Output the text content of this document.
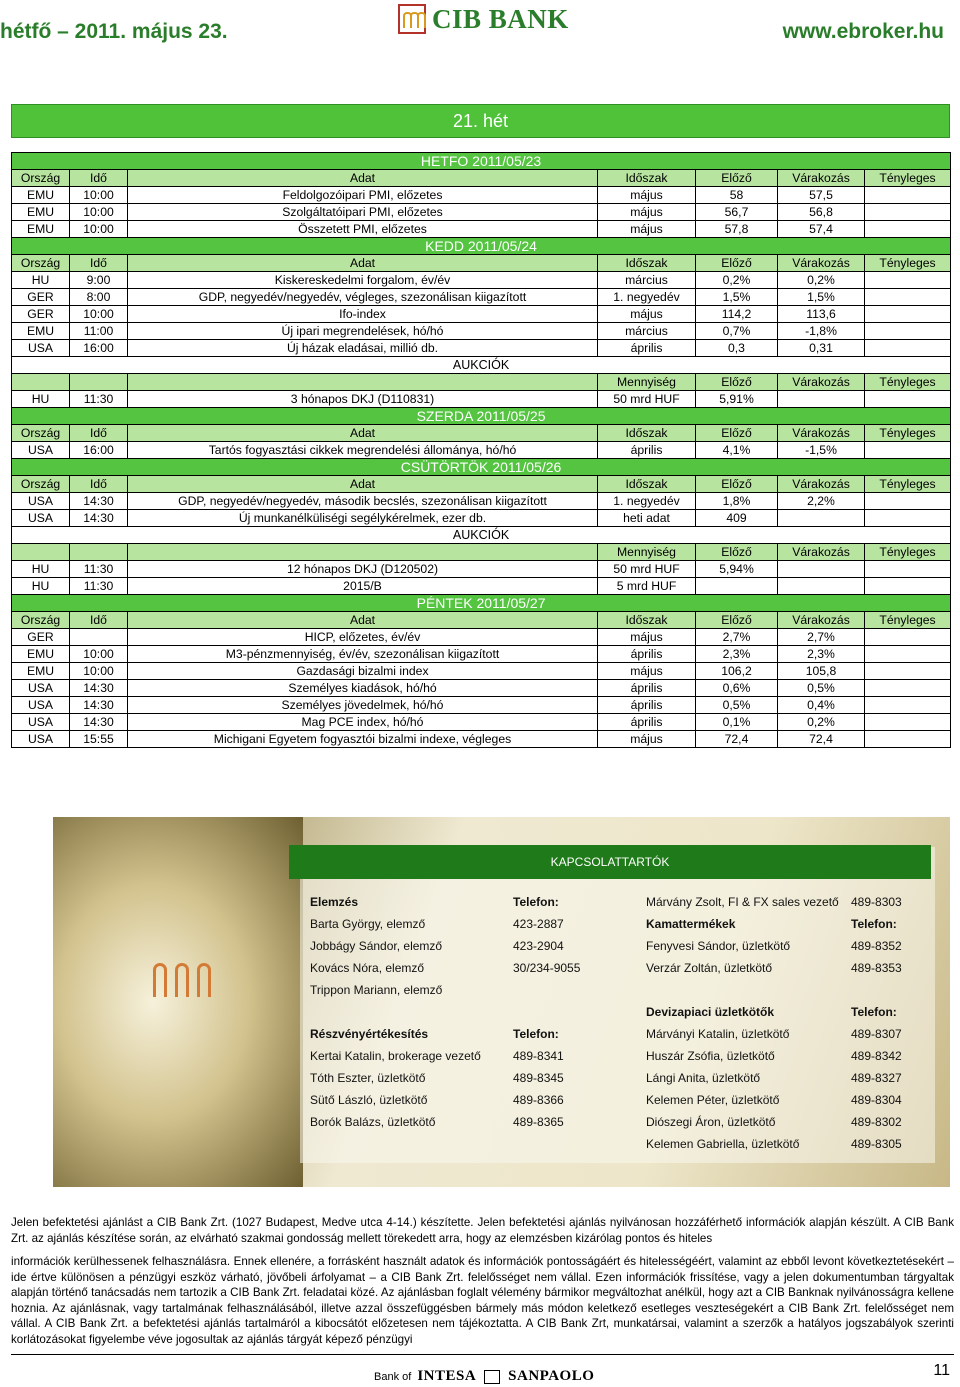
hétfő – 2011. május 23.	CIB BANK	www.ebroker.hu
21. hét
HETFO 2011/05/23						
Ország	Idő	Adat	Időszak	Előző	Várakozás	Tényleges
EMU	10:00	Feldolgozóipari PMI, előzetes	május	58	57,5	
EMU	10:00	Szolgáltatóipari PMI, előzetes	május	56,7	56,8	
EMU	10:00	Összetett PMI, előzetes	május	57,8	57,4	
KEDD 2011/05/24						
Ország	Idő	Adat	Időszak	Előző	Várakozás	Tényleges
HU	9:00	Kiskereskedelmi forgalom, év/év	március	0,2%	0,2%	
GER	8:00	GDP, negyedév/negyedév, végleges, szezonálisan kiigazított	1. negyedév	1,5%	1,5%	
GER	10:00	Ifo-index	május	114,2	113,6	
EMU	11:00	Új ipari megrendelések, hó/hó	március	0,7%	-1,8%	
USA	16:00	Új házak eladásai, millió db.	április	0,3	0,31	
AUKCIÓK						
			Mennyiség	Előző	Várakozás	Tényleges
HU	11:30	3 hónapos DKJ (D110831)	50 mrd HUF	5,91%		
SZERDA 2011/05/25						
Ország	Idő	Adat	Időszak	Előző	Várakozás	Tényleges
USA	16:00	Tartós fogyasztási cikkek megrendelési állománya, hó/hó	április	4,1%	-1,5%	
CSÜTÖRTÖK 2011/05/26						
Ország	Idő	Adat	Időszak	Előző	Várakozás	Tényleges
USA	14:30	GDP, negyedév/negyedév, második becslés, szezonálisan kiigazított	1. negyedév	1,8%	2,2%	
USA	14:30	Új munkanélküliségi segélykérelmek, ezer db.	heti adat	409		
AUKCIÓK						
			Mennyiség	Előző	Várakozás	Tényleges
HU	11:30	12 hónapos DKJ (D120502)	50 mrd HUF	5,94%		
HU	11:30	2015/B	5 mrd HUF			
PÉNTEK 2011/05/27						
Ország	Idő	Adat	Időszak	Előző	Várakozás	Tényleges
GER		HICP, előzetes, év/év	május	2,7%	2,7%	
EMU	10:00	M3-pénzmennyiség, év/év, szezonálisan kiigazított	április	2,3%	2,3%	
EMU	10:00	Gazdasági bizalmi index	május	106,2	105,8	
USA	14:30	Személyes kiadások, hó/hó	április	0,6%	0,5%	
USA	14:30	Személyes jövedelmek, hó/hó	április	0,5%	0,4%	
USA	14:30	Mag PCE index, hó/hó	április	0,1%	0,2%	
USA	15:55	Michigani Egyetem fogyasztói bizalmi indexe, végleges	május	72,4	72,4	
KAPCSOLATTARTÓK
Elemzés	Telefon:
Barta György, elemző	423-2887
Jobbágy Sándor, elemző	423-2904
Kovács Nóra, elemző	30/234-9055
Trippon Mariann, elemző
Részvényértékesítés	Telefon:
Kertai Katalin, brokerage vezető	489-8341
Tóth Eszter, üzletkötő	489-8345
Sütő László, üzletkötő	489-8366
Borók Balázs, üzletkötő	489-8365
Márvány Zsolt, FI & FX sales vezető 489-8303
Kamattermékek	Telefon:
Fenyvesi Sándor, üzletkötő	489-8352
Verzár Zoltán, üzletkötő	489-8353
Devizapiaci üzletkötők	Telefon:
Márványi Katalin, üzletkötő	489-8307
Huszár Zsófia, üzletkötő	489-8342
Lángi Anita, üzletkötő	489-8327
Kelemen Péter, üzletkötő	489-8304
Diószegi Áron, üzletkötő	489-8302
Kelemen Gabriella, üzletkötő	489-8305

Jelen befektetési ajánlást a CIB Bank Zrt. (1027 Budapest, Medve utca 4-14.) készítette. Jelen befektetési ajánlás nyilvánosan hozzáférhető információk alapján készült. A CIB Bank Zrt. az ajánlás készítése során, az elvárható szakmai gondosság mellett törekedett arra, hogy az elemzésben kizárólag pontos és hiteles

információk kerülhessenek felhasználásra. Ennek ellenére, a forrásként használt adatok és információk pontosságáért és hitelességéért, valamint az ebből levont következtetésekért – ide értve különösen a pénzügyi eszköz várható, jövőbeli árfolyamat – a CIB Bank Zrt. felelősséget nem vállal. Ezen információk frissítése, vagy a jelen dokumentumban tárgyaltak alapján történő tanácsadás nem tartozik a CIB Bank Zrt. feladatai közé. Az ajánlásban foglalt vélemény bármikor megváltozhat anélkül, hogy azt a CIB Banknak nyilvánosságra kellene hoznia. Az ajánlásnak, vagy tartalmának felhasználásából, illetve azzal összefüggésben bármely más módon keletkező esetleges veszteségekért a CIB Bank Zrt. felelősséget nem vállal. A CIB Bank Zrt. a befektetési ajánlás tartalmáról a kibocsátót előzetesen nem tájékoztatta. A CIB Bank Zrt, munkatársai, valamint a szerzők a hatályos jogszabályok szerinti korlátozásokat figyelembe véve jogosultak az ajánlás tárgyát képező pénzügyi

Bank of INTESA SANPAOLO	11
